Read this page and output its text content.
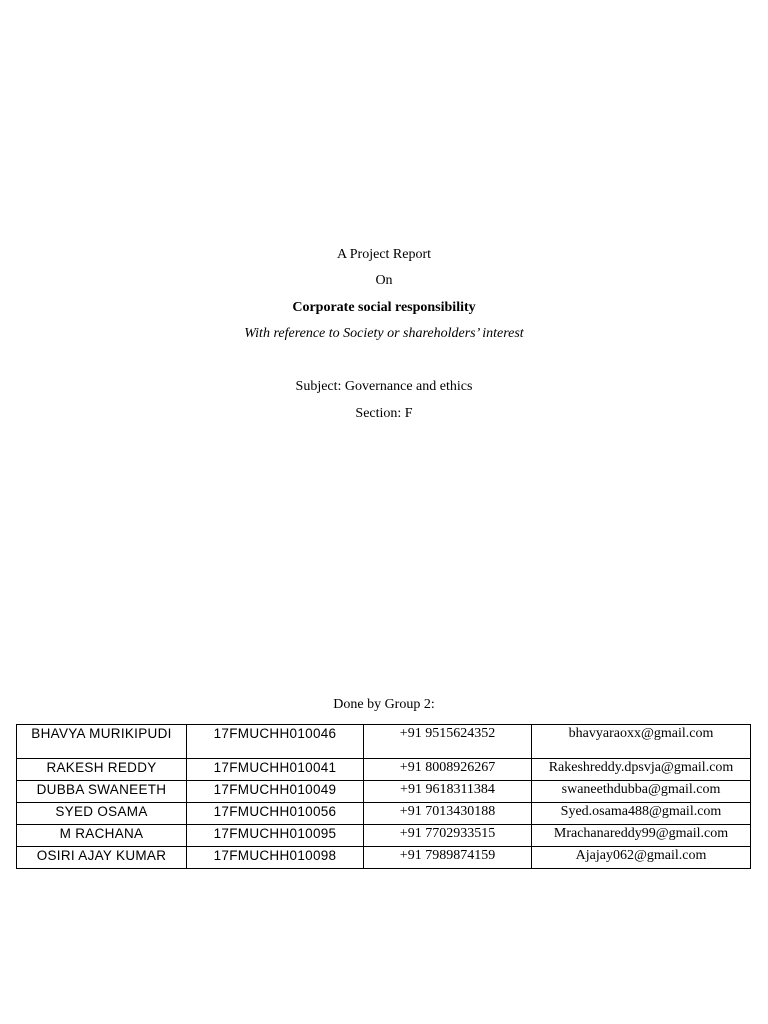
A Project Report
On
Corporate social responsibility
With reference to Society or shareholders’ interest
Subject: Governance and ethics
Section: F
Done by Group 2:
BHAVYA MURIKIPUDI	17FMUCHH010046	+91 9515624352	bhavyaraoxx@gmail.com
RAKESH REDDY	17FMUCHH010041	+91 8008926267	Rakeshreddy.dpsvja@gmail.com
DUBBA SWANEETH	17FMUCHH010049	+91 9618311384	swaneethdubba@gmail.com
SYED OSAMA	17FMUCHH010056	+91 7013430188	Syed.osama488@gmail.com
M RACHANA	17FMUCHH010095	+91 7702933515	Mrachanareddy99@gmail.com
OSIRI AJAY KUMAR	17FMUCHH010098	+91 7989874159	Ajajay062@gmail.com
